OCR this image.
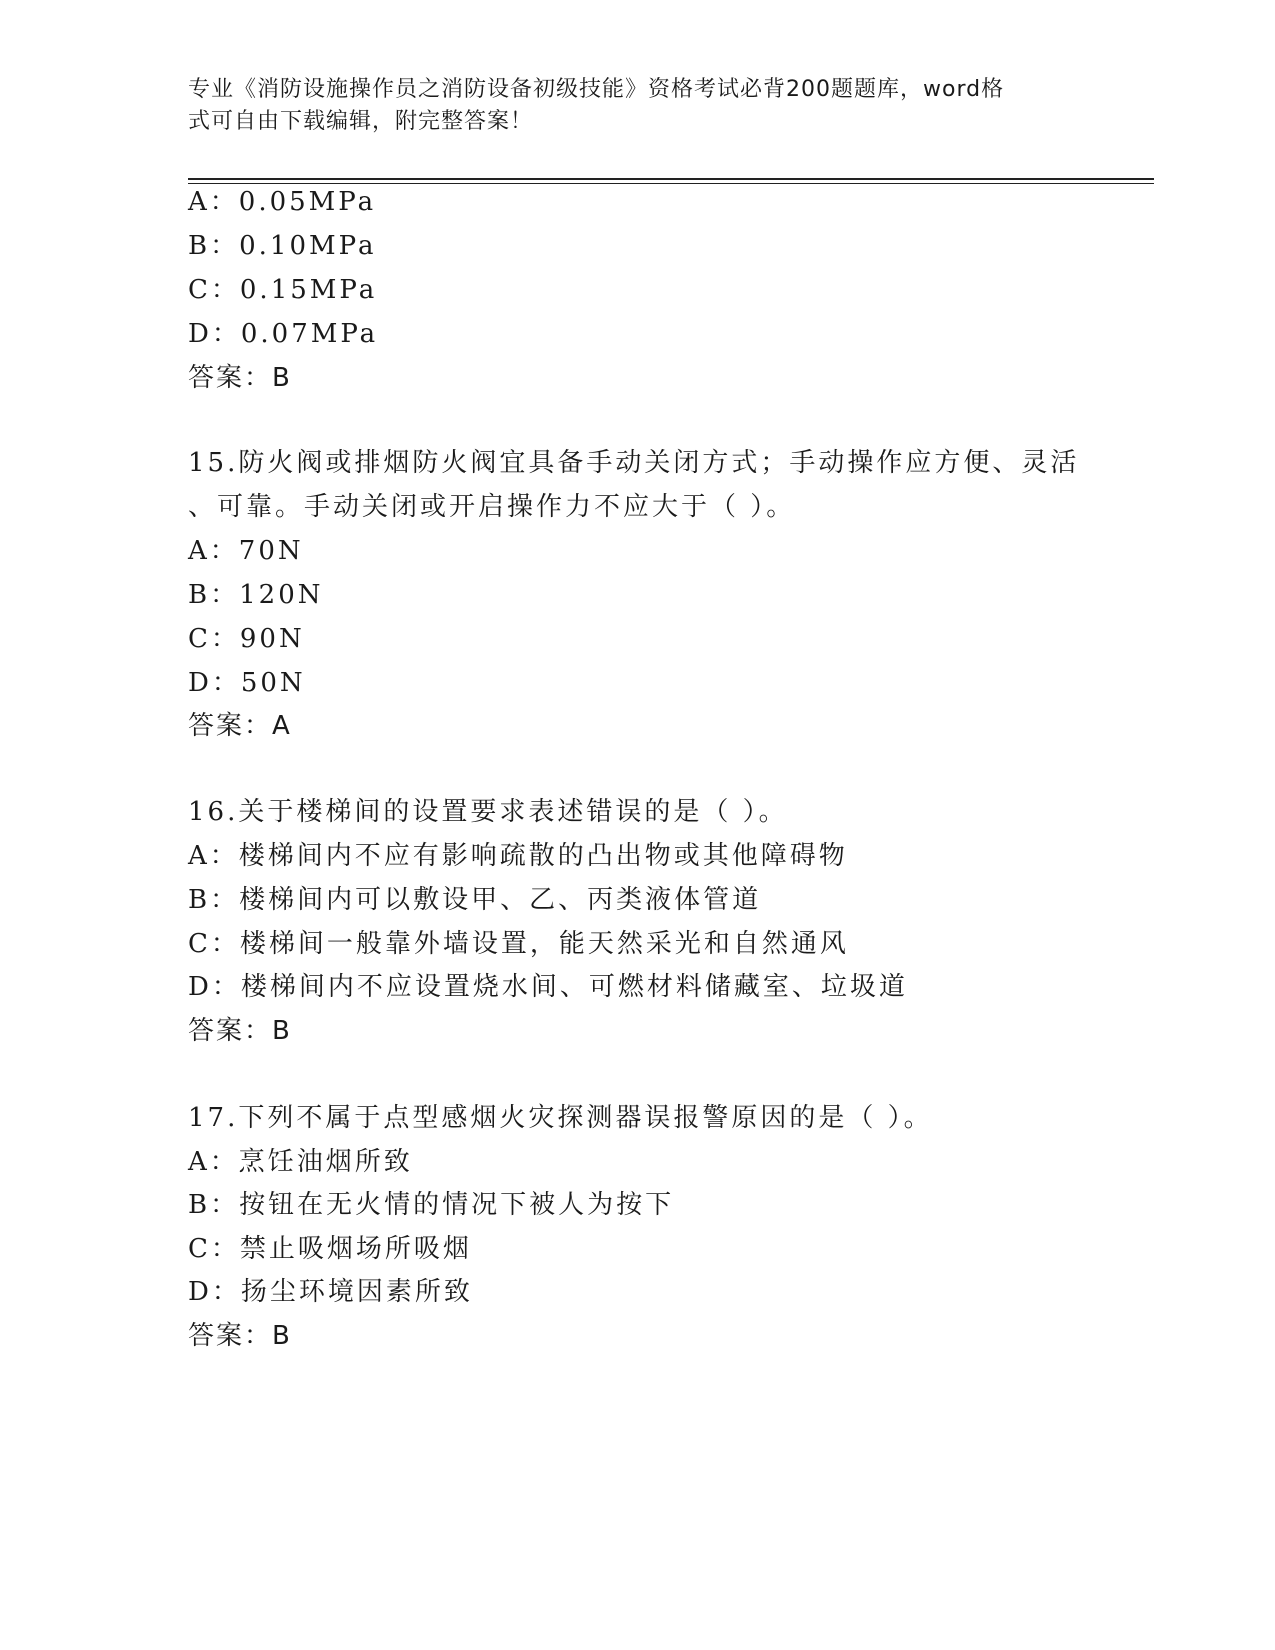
专业《消防设施操作员之消防设备初级技能》资格考试必背200题题库，word格
式可自由下载编辑，附完整答案！
A：0.05MPa
B：0.10MPa
C：0.15MPa
D：0.07MPa
答案：B
15.防火阀或排烟防火阀宜具备手动关闭方式；手动操作应方便、灵活
、可靠。手动关闭或开启操作力不应大于（ ）。
A：70N
B：120N
C：90N
D：50N
答案：A
16.关于楼梯间的设置要求表述错误的是（ ）。
A：楼梯间内不应有影响疏散的凸出物或其他障碍物
B：楼梯间内可以敷设甲、乙、丙类液体管道
C：楼梯间一般靠外墙设置，能天然采光和自然通风
D：楼梯间内不应设置烧水间、可燃材料储藏室、垃圾道
答案：B
17.下列不属于点型感烟火灾探测器误报警原因的是（ ）。
A：烹饪油烟所致
B：按钮在无火情的情况下被人为按下
C：禁止吸烟场所吸烟
D：扬尘环境因素所致
答案：B
